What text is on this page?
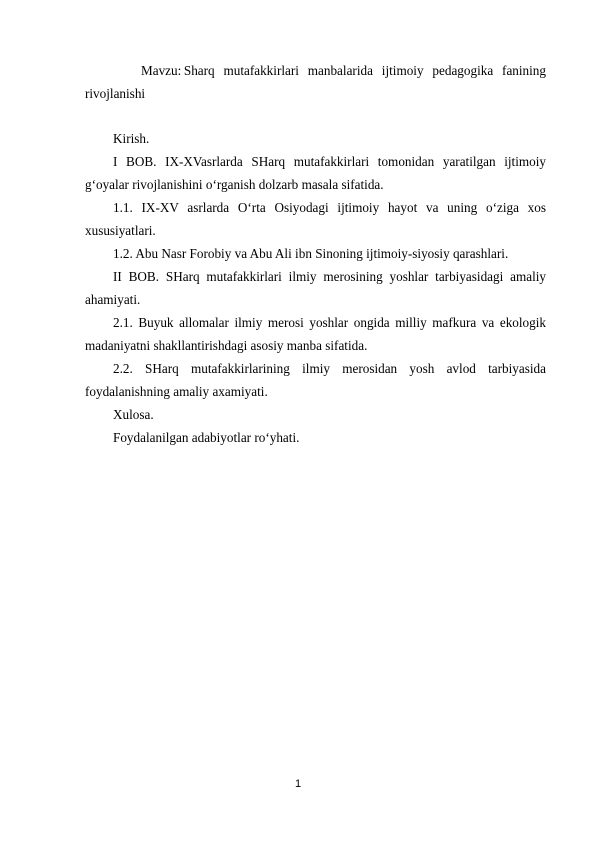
Mavzu: Sharq mutafakkirlari manbalarida ijtimoiy pedagogika fanining rivojlanishi

Kirish.

I BOB. IX-XVasrlarda SHarq mutafakkirlari tomonidan yaratilgan ijtimoiy g‘oyalar rivojlanishini o‘rganish dolzarb masala sifatida.

1.1. IX-XV asrlarda O‘rta Osiyodagi ijtimoiy hayot va uning o‘ziga xos xususiyatlari.

1.2. Abu Nasr Forobiy va Abu Ali ibn Sinoning ijtimoiy-siyosiy qarashlari.

II BOB. SHarq mutafakkirlari ilmiy merosining yoshlar tarbiyasidagi amaliy ahamiyati.

2.1. Buyuk allomalar ilmiy merosi yoshlar ongida milliy mafkura va ekologik madaniyatni shakllantirishdagi asosiy manba sifatida.

2.2. SHarq mutafakkirlarining ilmiy merosidan yosh avlod tarbiyasida foydalanishning amaliy axamiyati.

Xulosa.

Foydalanilgan adabiyotlar ro‘yhati.

1
